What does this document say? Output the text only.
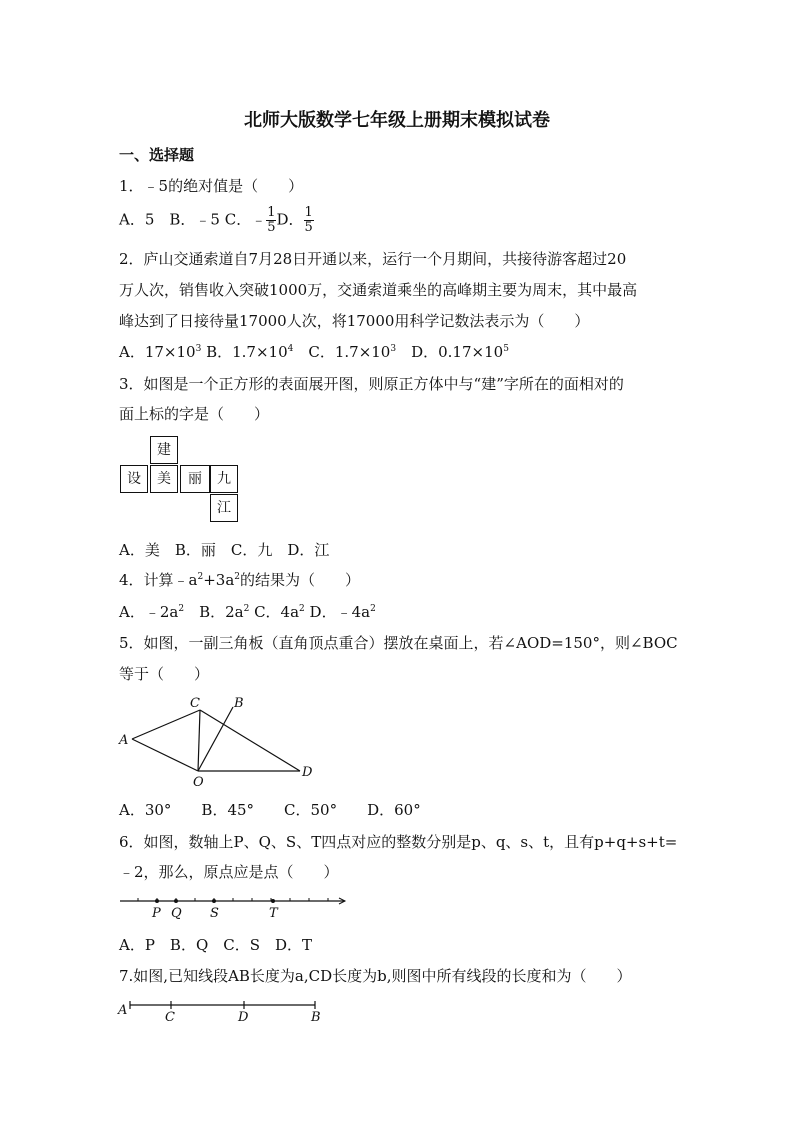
北师大版数学七年级上册期末模拟试卷
一、选择题
1．﹣5的绝对值是（　　）
A．5　B．﹣5 C．﹣ $\frac{1}{5}$ D． $\frac{1}{5}$
2．庐山交通索道自7月28日开通以来，运行一个月期间，共接待游客超过20
万人次，销售收入突破1000万，交通索道乘坐的高峰期主要为周末，其中最高
峰达到了日接待量17000人次，将17000用科学记数法表示为（　　）
A．$17\times 10^3$ B．$1.7\times 10^4$　C．$1.7\times 10^3$　D．$0.17\times 10^5$
3．如图是一个正方形的表面展开图，则原正方体中与“建”字所在的面相对的
面上标的字是（　　）
建
设	美	丽	九
江
A．美　B．丽　C．九　D．江
4．计算$﹣a^2+3a^2$的结果为（　　）
A．$﹣2a^2$　B．$2a^2$ C．$4a^2$ D．$﹣4a^2$
5．如图，一副三角板（直角顶点重合）摆放在桌面上，若∠AOD=150°，则∠BOC
等于（　　）
A
C	B
O
D
A．30°　　B．45°　　C．50°　　D．60°
6．如图，数轴上P、Q、S、T四点对应的整数分别是p、q、s、t，且有p+q+s+t=
﹣2，那么，原点应是点（　　）
P Q S	T
A．P　B．Q　C．S　D．T
7.如图,已知线段AB长度为a,CD长度为b,则图中所有线段的长度和为（　　）
A	C	D	B
